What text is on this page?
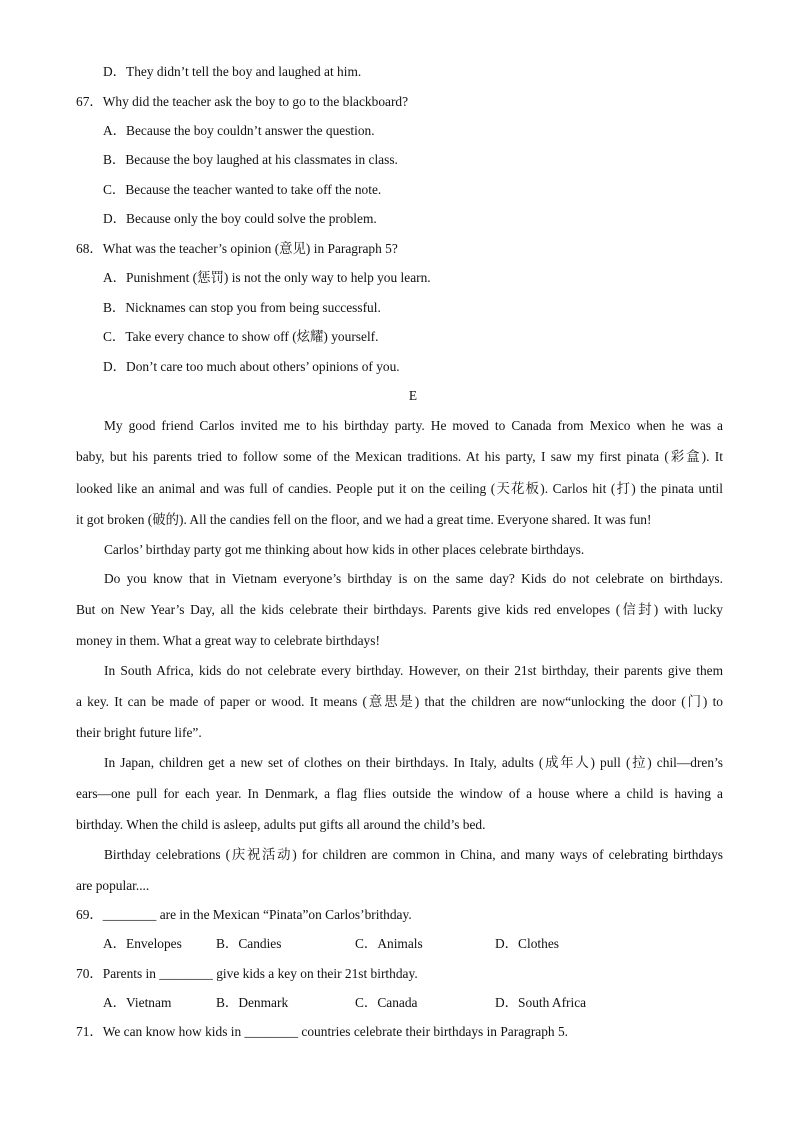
D．They didn’t tell the boy and laughed at him.
67．Why did the teacher ask the boy to go to the blackboard?
A．Because the boy couldn’t answer the question.
B．Because the boy laughed at his classmates in class.
C．Because the teacher wanted to take off the note.
D．Because only the boy could solve the problem.
68．What was the teacher’s opinion (意见) in Paragraph 5?
A．Punishment (惩罚) is not the only way to help you learn.
B．Nicknames can stop you from being successful.
C．Take every chance to show off (炫耀) yourself.
D．Don’t care too much about others’ opinions of you.
E
My good friend Carlos invited me to his birthday party. He moved to Canada from Mexico when he was a
baby, but his parents tried to follow some of the Mexican traditions. At his party, I saw my first pinata (彩盒). It
looked like an animal and was full of candies. People put it on the ceiling (天花板). Carlos hit (打) the pinata until
it got broken (破的). All the candies fell on the floor, and we had a great time. Everyone shared. It was fun!
Carlos’ birthday party got me thinking about how kids in other places celebrate birthdays.
Do you know that in Vietnam everyone’s birthday is on the same day? Kids do not celebrate on birthdays.
But on New Year’s Day, all the kids celebrate their birthdays. Parents give kids red envelopes (信封) with lucky
money in them. What a great way to celebrate birthdays!
In South Africa, kids do not celebrate every birthday. However, on their 21st birthday, their parents give them
a key. It can be made of paper or wood. It means (意思是) that the children are now“unlocking the door (门) to
their bright future life”.
In Japan, children get a new set of clothes on their birthdays. In Italy, adults (成年人) pull (拉) chil—dren’s
ears—one pull for each year. In Denmark, a flag flies outside the window of a house where a child is having a
birthday. When the child is asleep, adults put gifts all around the child’s bed.
Birthday celebrations (庆祝活动) for children are common in China, and many ways of celebrating birthdays
are popular....
69．________ are in the Mexican “Pinata”on Carlos’brithday.
A．Envelopes	B．Candies	C．Animals	D．Clothes
70．Parents in ________ give kids a key on their 21st birthday.
A．Vietnam	B．Denmark	C．Canada	D．South Africa
71．We can know how kids in ________ countries celebrate their birthdays in Paragraph 5.
